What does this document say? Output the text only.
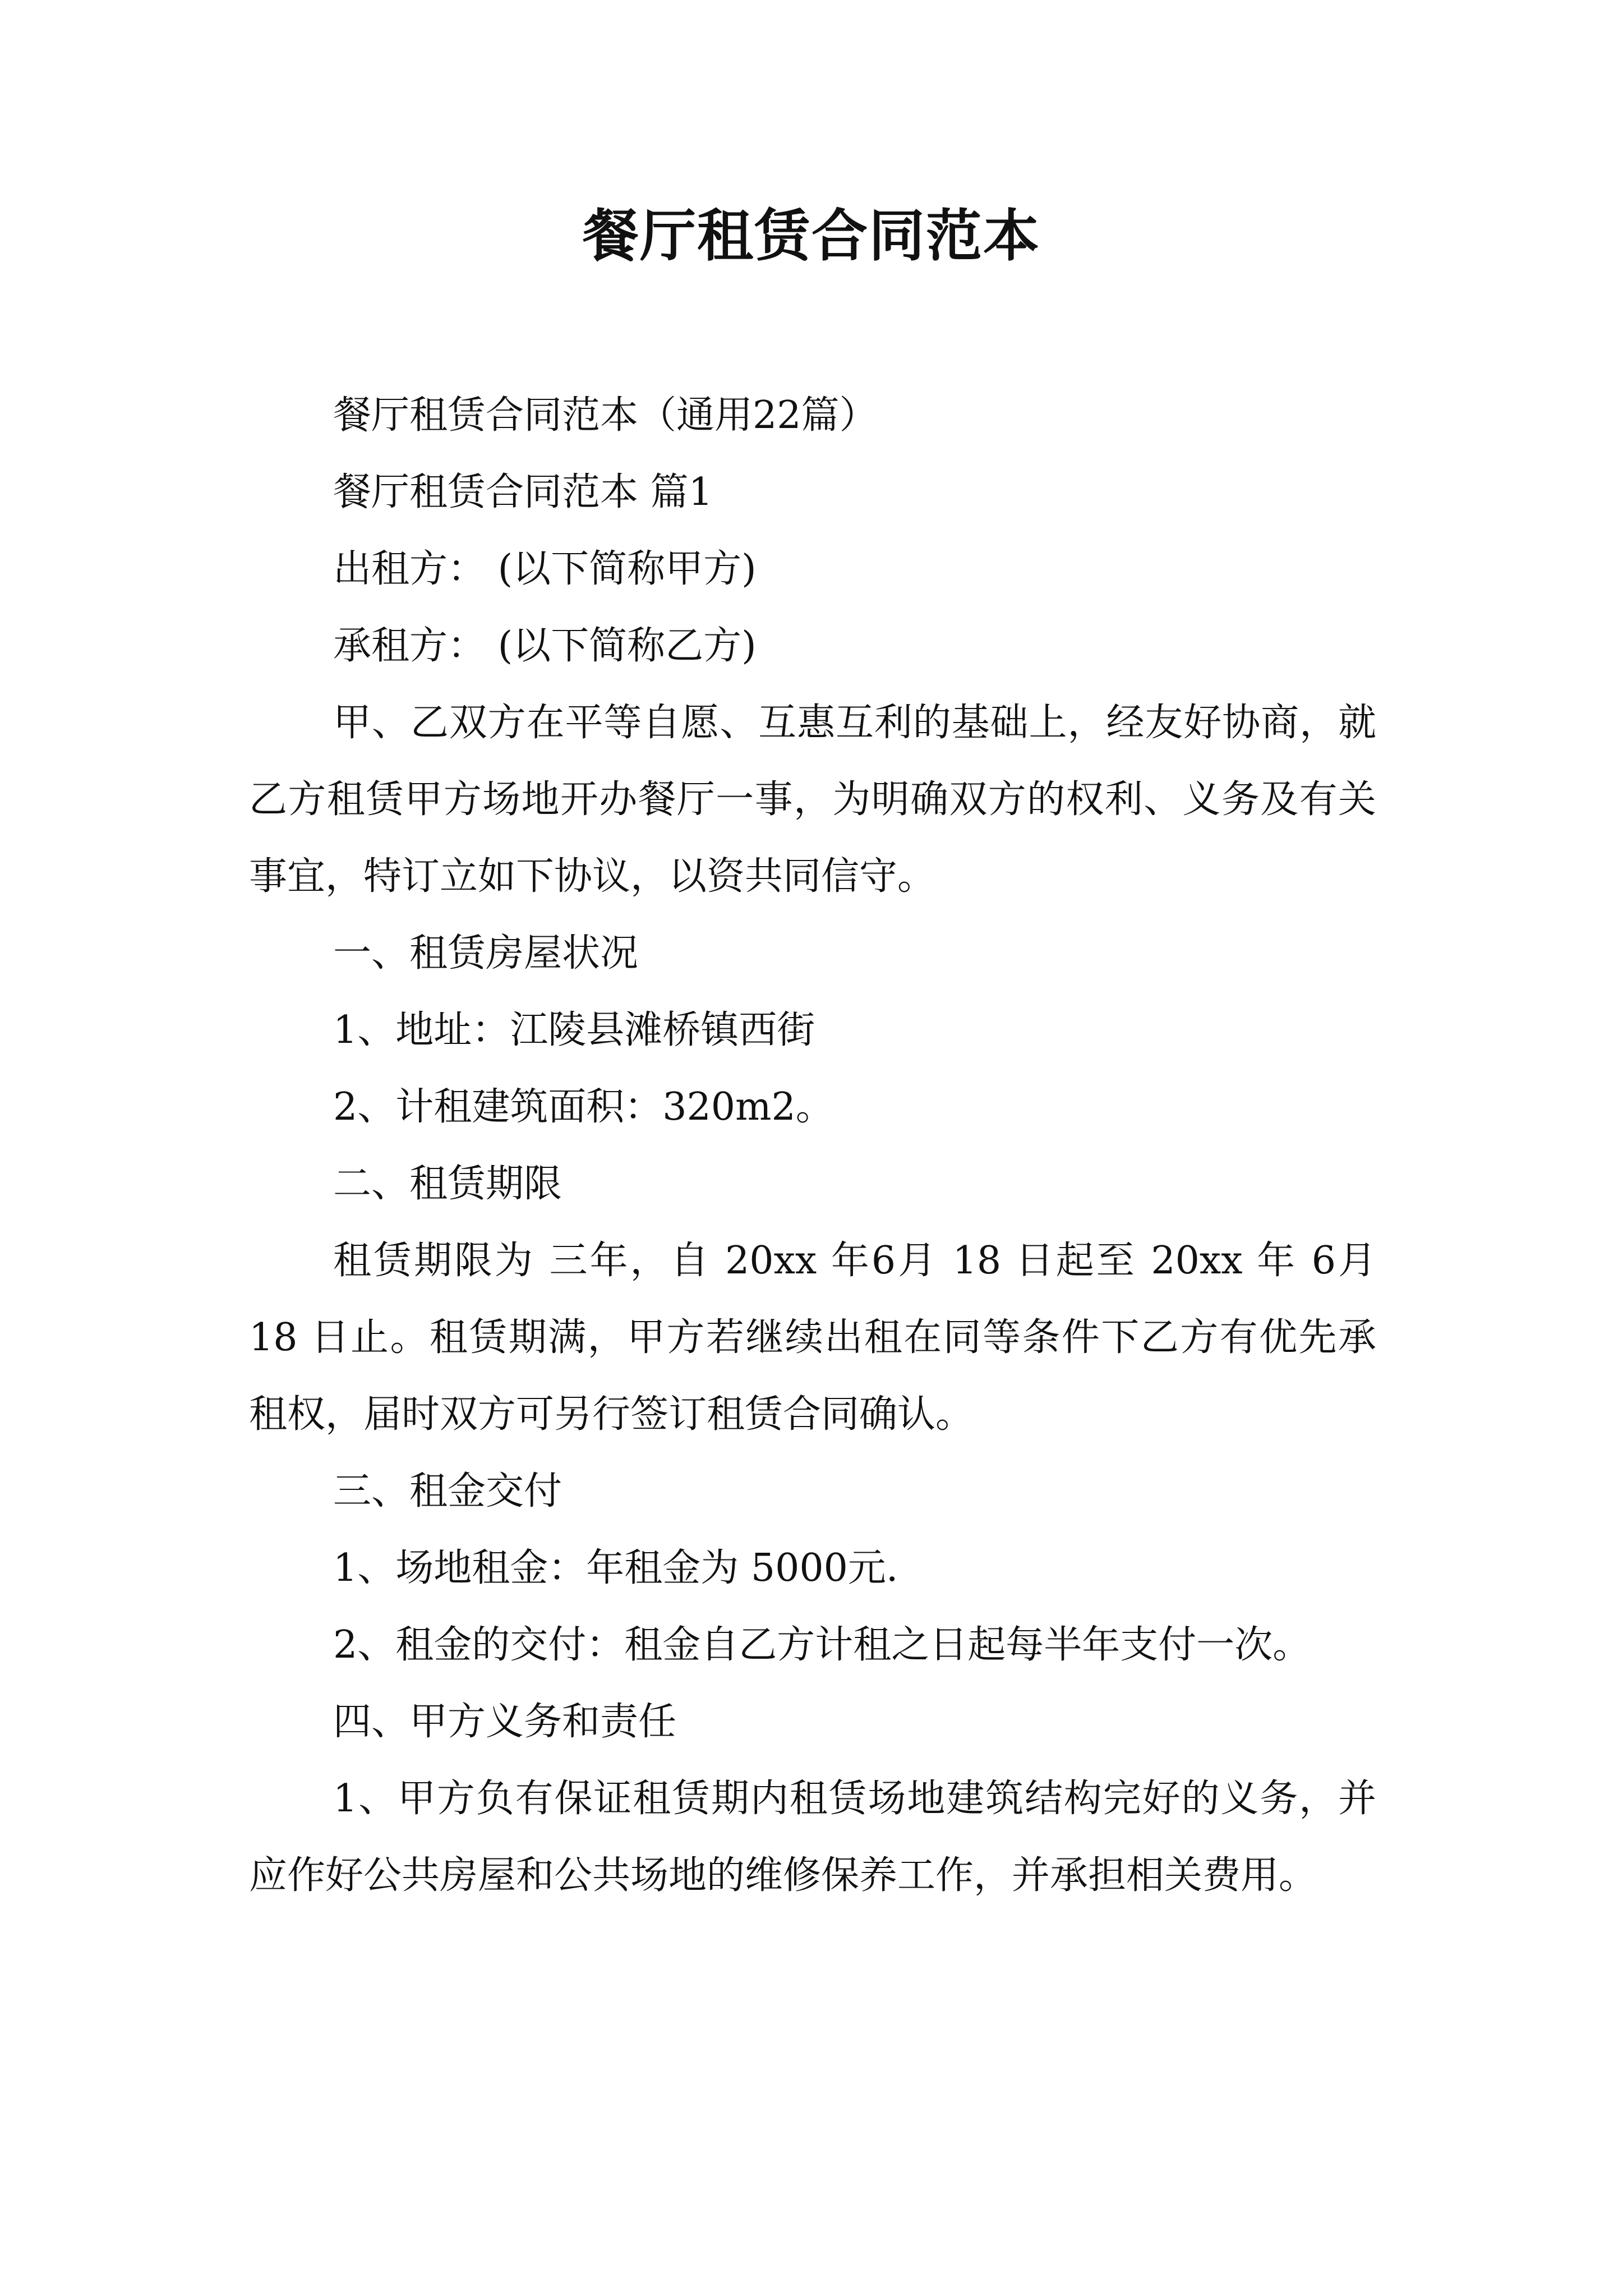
餐厅租赁合同范本

餐厅租赁合同范本（通用22篇）

餐厅租赁合同范本 篇1

出租方： (以下简称甲方)

承租方： (以下简称乙方)

甲、乙双方在平等自愿、互惠互利的基础上，经友好协商，就乙方租赁甲方场地开办餐厅一事，为明确双方的权利、义务及有关事宜，特订立如下协议，以资共同信守。

一、租赁房屋状况

1、地址：江陵县滩桥镇西街

2、计租建筑面积：320m2。

二、租赁期限

租赁期限为 三年，自 20xx 年6月 18 日起至 20xx 年 6月 18 日止。租赁期满，甲方若继续出租在同等条件下乙方有优先承租权，届时双方可另行签订租赁合同确认。

三、租金交付

1、场地租金：年租金为 5000元.

2、租金的交付：租金自乙方计租之日起每半年支付一次。

四、甲方义务和责任

1、甲方负有保证租赁期内租赁场地建筑结构完好的义务，并应作好公共房屋和公共场地的维修保养工作，并承担相关费用。
